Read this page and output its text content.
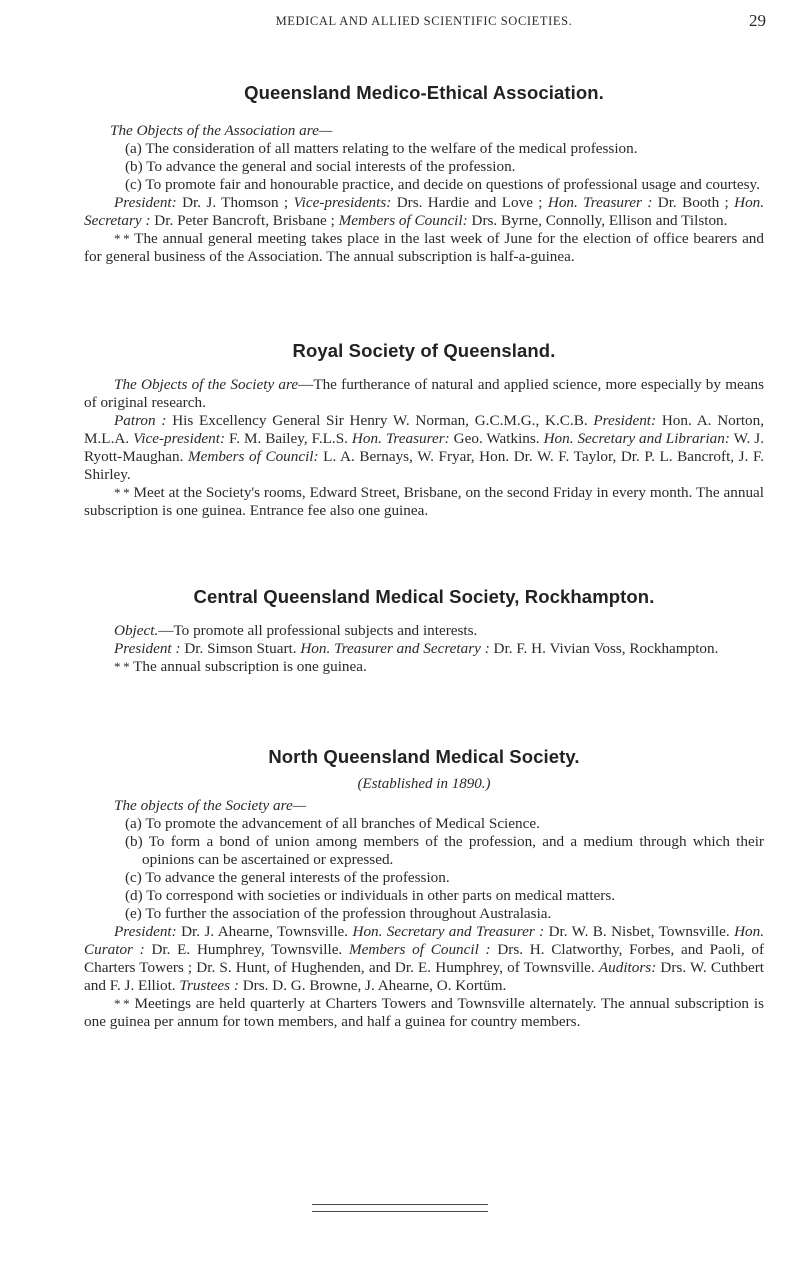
MEDICAL AND ALLIED SCIENTIFIC SOCIETIES.	29
Queensland Medico-Ethical Association.

The Objects of the Association are—

(a) The consideration of all matters relating to the welfare of the medical profession.

(b) To advance the general and social interests of the profession.

(c) To promote fair and honourable practice, and decide on questions of professional usage and courtesy.

President: Dr. J. Thomson ; Vice-presidents: Drs. Hardie and Love ; Hon. Treasurer : Dr. Booth ; Hon. Secretary : Dr. Peter Bancroft, Brisbane ; Members of Council: Drs. Byrne, Connolly, Ellison and Tilston.

* * The annual general meeting takes place in the last week of June for the election of office bearers and for general business of the Association. The annual subscription is half-a-guinea.

Royal Society of Queensland.

The Objects of the Society are—The furtherance of natural and applied science, more especially by means of original research.

Patron : His Excellency General Sir Henry W. Norman, G.C.M.G., K.C.B. President: Hon. A. Norton, M.L.A. Vice-president: F. M. Bailey, F.L.S. Hon. Treasurer: Geo. Watkins. Hon. Secretary and Librarian: W. J. Ryott-Maughan. Members of Council: L. A. Bernays, W. Fryar, Hon. Dr. W. F. Taylor, Dr. P. L. Bancroft, J. F. Shirley.

* * Meet at the Society's rooms, Edward Street, Brisbane, on the second Friday in every month. The annual subscription is one guinea. Entrance fee also one guinea.

Central Queensland Medical Society, Rockhampton.

Object.—To promote all professional subjects and interests.

President : Dr. Simson Stuart. Hon. Treasurer and Secretary : Dr. F. H. Vivian Voss, Rockhampton.

* * The annual subscription is one guinea.

North Queensland Medical Society.
(Established in 1890.)

The objects of the Society are—

(a) To promote the advancement of all branches of Medical Science.

(b) To form a bond of union among members of the profession, and a medium through which their opinions can be ascertained or expressed.

(c) To advance the general interests of the profession.

(d) To correspond with societies or individuals in other parts on medical matters.

(e) To further the association of the profession throughout Australasia.

President: Dr. J. Ahearne, Townsville. Hon. Secretary and Treasurer : Dr. W. B. Nisbet, Townsville. Hon. Curator : Dr. E. Humphrey, Townsville. Members of Council : Drs. H. Clatworthy, Forbes, and Paoli, of Charters Towers ; Dr. S. Hunt, of Hughenden, and Dr. E. Humphrey, of Townsville. Auditors: Drs. W. Cuthbert and F. J. Elliot. Trustees : Drs. D. G. Browne, J. Ahearne, O. Kortüm.

* * Meetings are held quarterly at Charters Towers and Townsville alternately. The annual subscription is one guinea per annum for town members, and half a guinea for country members.
